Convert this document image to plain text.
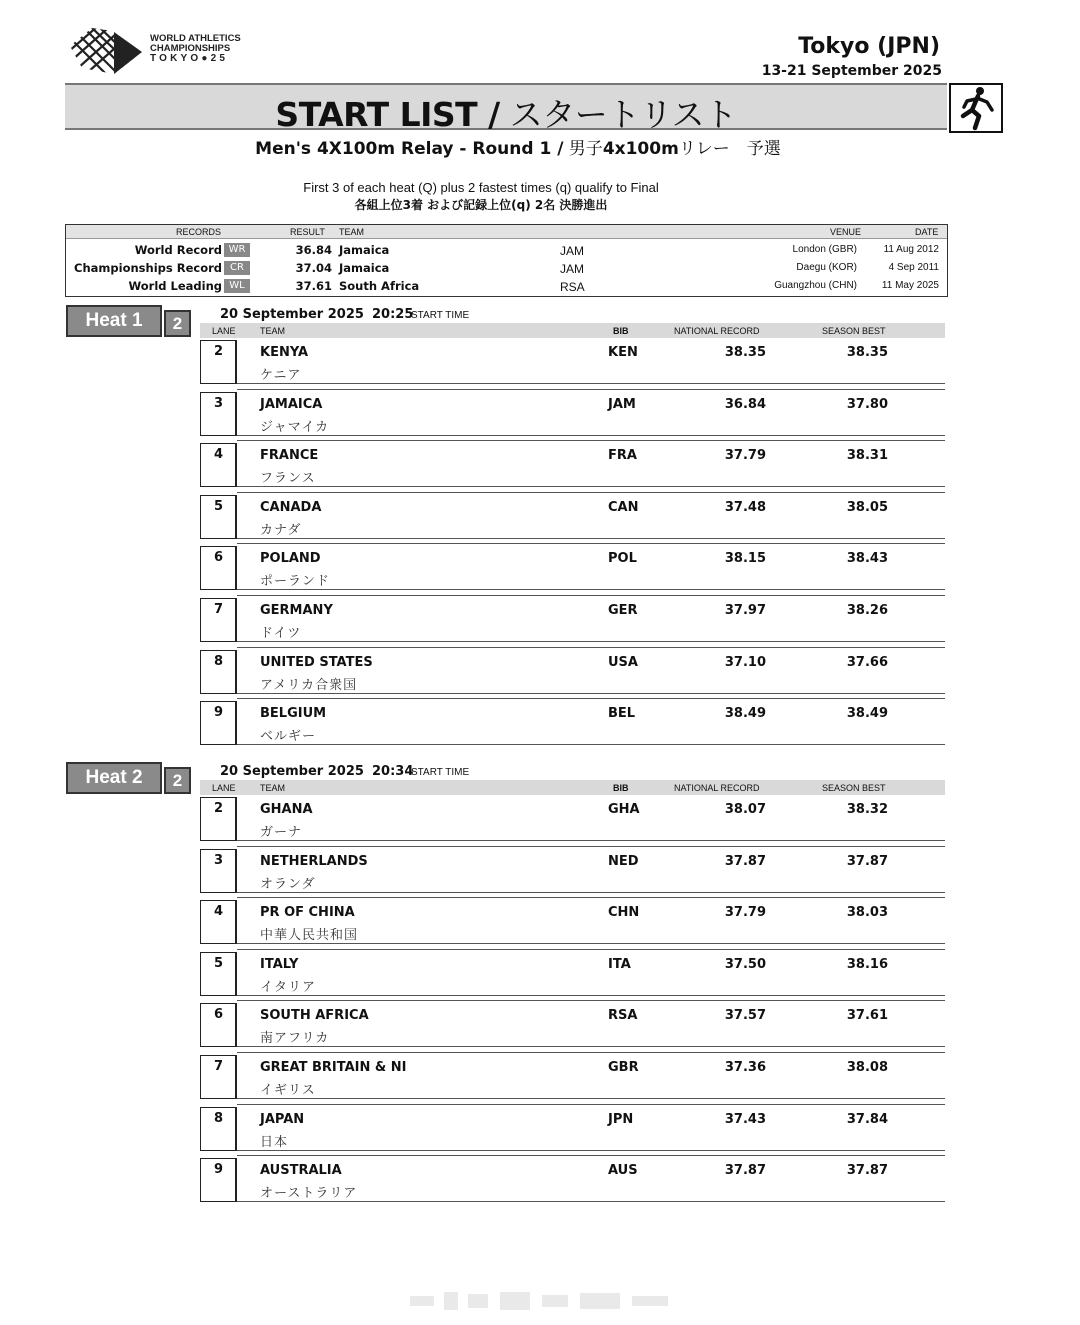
WORLD ATHLETICS
CHAMPIONSHIPS
TOKYO●25	Tokyo (JPN)
13-21 September 2025
START LIST / スタートリスト
Men's 4X100m Relay - Round 1 / 男子4x100mリレー　予選
First 3 of each heat (Q) plus 2 fastest times (q) qualify to Final
各組上位3着 および記録上位(q) 2名 決勝進出
RECORDS	RESULT TEAM	VENUE	DATE
World Record WR	36.84 Jamaica	JAM	London (GBR)	11 Aug 2012
Championships Record CR	37.04 Jamaica	JAM	Daegu (KOR)	4 Sep 2011
World Leading WL	37.61 South Africa	RSA	Guangzhou (CHN) 11 May 2025
Heat 1	2	20 September 2025 20:25
START TIME
LANE	TEAM	BIB	NATIONAL RECORD	SEASON BEST
2	KENYA
ケニア
KEN	38.35	38.35
3	JAMAICA
ジャマイカ
JAM	36.84	37.80
4	FRANCE
フランス
FRA	37.79	38.31
5	CANADA
カナダ
CAN	37.48	38.05
6	POLAND
ポーランド
POL	38.15	38.43
7	GERMANY
ドイツ
GER	37.97	38.26
8	UNITED STATES
アメリカ合衆国
USA	37.10	37.66
9	BELGIUM
ベルギー
BEL	38.49	38.49
Heat 2	2	20 September 2025 20:34
START TIME
LANE	TEAM	BIB	NATIONAL RECORD	SEASON BEST
2	GHANA
ガーナ
GHA	38.07	38.32
3	NETHERLANDS
オランダ
NED	37.87	37.87
4	PR OF CHINA
中華人民共和国
CHN	37.79	38.03
5	ITALY
イタリア
ITA	37.50	38.16
6	SOUTH AFRICA
南アフリカ
RSA	37.57	37.61
7	GREAT BRITAIN & NI
イギリス
GBR	37.36	38.08
8	JAPAN
日本
JPN	37.43	37.84
9	AUSTRALIA
オーストラリア
AUS	37.87	37.87
